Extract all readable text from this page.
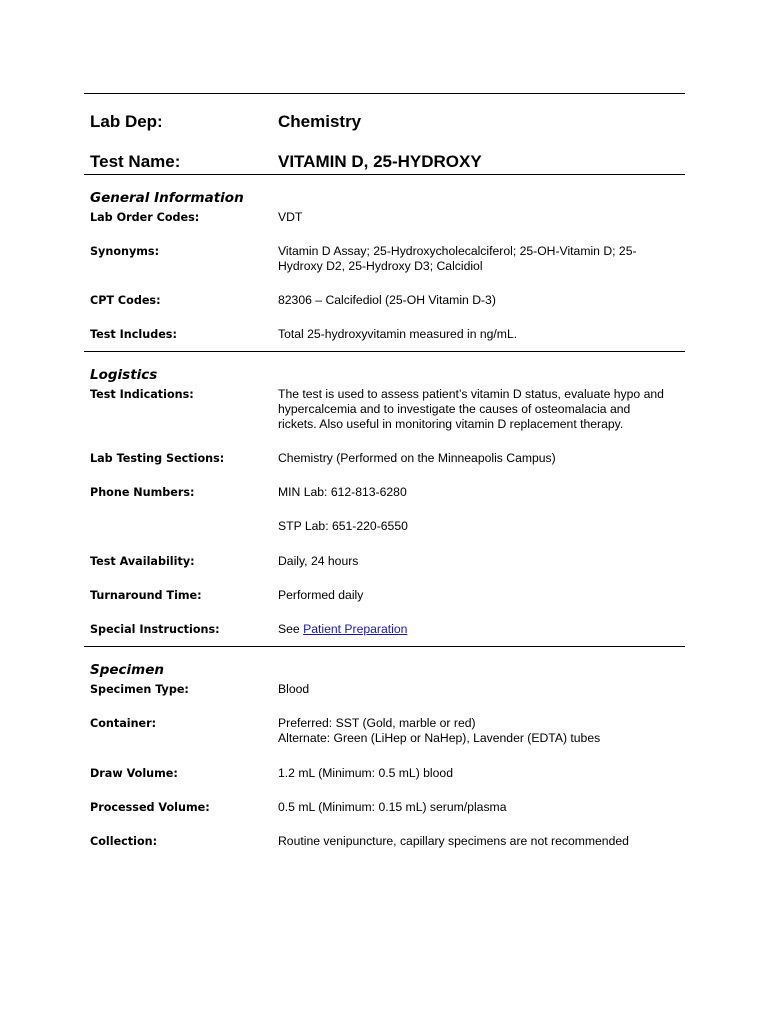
Lab Dep:	Chemistry
Test Name:	VITAMIN D, 25-HYDROXY
General Information
Lab Order Codes:	VDT
Synonyms:	Vitamin D Assay; 25-Hydroxycholecalciferol; 25-OH-Vitamin D; 25-
Hydroxy D2, 25-Hydroxy D3; Calcidiol
CPT Codes:	82306 – Calcifediol (25-OH Vitamin D-3)
Test Includes:	Total 25-hydroxyvitamin measured in ng/mL.
Logistics
Test Indications:	The test is used to assess patient’s vitamin D status, evaluate hypo and
hypercalcemia and to investigate the causes of osteomalacia and
rickets. Also useful in monitoring vitamin D replacement therapy.
Lab Testing Sections:	Chemistry (Performed on the Minneapolis Campus)
Phone Numbers:	MIN Lab: 612-813-6280
STP Lab: 651-220-6550
Test Availability:	Daily, 24 hours
Turnaround Time:	Performed daily
Special Instructions:	See Patient Preparation
Specimen
Specimen Type:	Blood
Container:	Preferred: SST (Gold, marble or red)
Alternate: Green (LiHep or NaHep), Lavender (EDTA) tubes
Draw Volume:	1.2 mL (Minimum: 0.5 mL) blood
Processed Volume:	0.5 mL (Minimum: 0.15 mL) serum/plasma
Collection:	Routine venipuncture, capillary specimens are not recommended
